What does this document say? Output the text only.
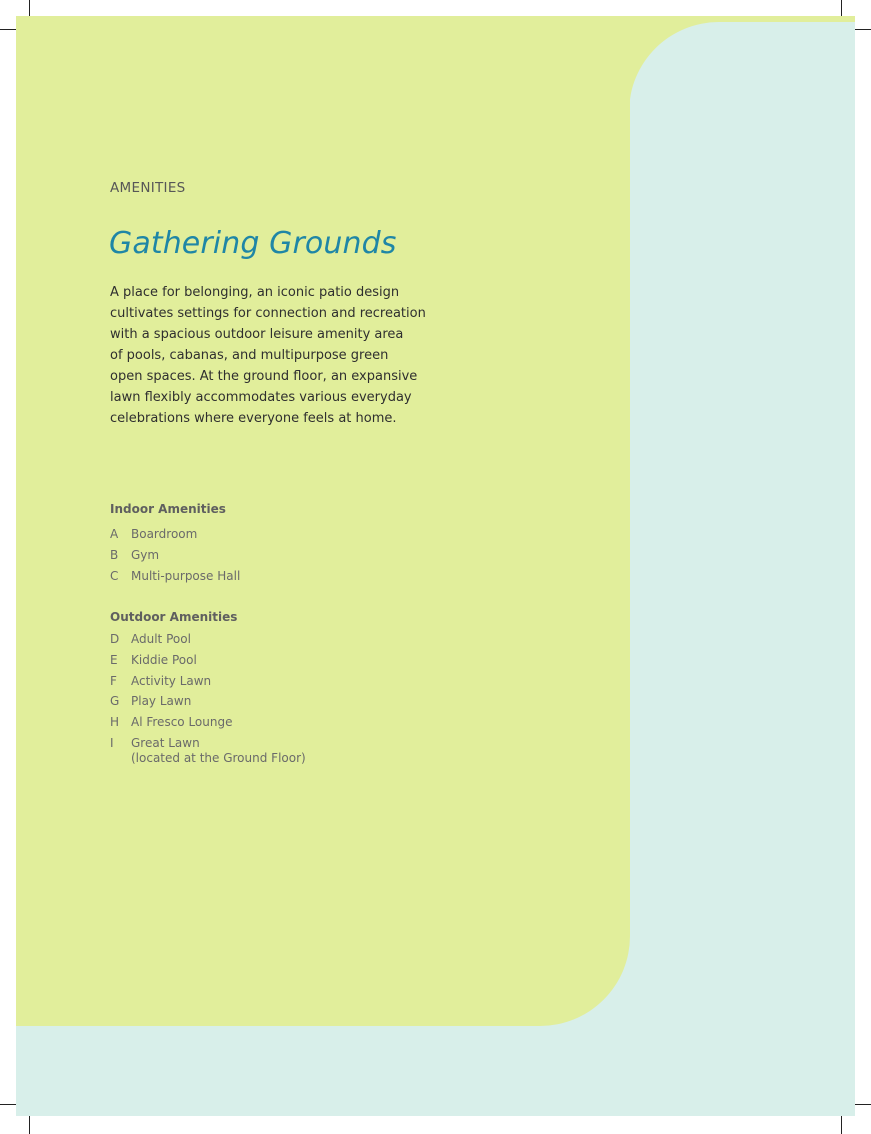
AMENITIES

Gathering Grounds

A place for belonging, an iconic patio design
cultivates settings for connection and recreation
with a spacious outdoor leisure amenity area
of pools, cabanas, and multipurpose green
open spaces. At the ground floor, an expansive
lawn flexibly accommodates various everyday
celebrations where everyone feels at home.

Indoor Amenities
A	Boardroom
B	Gym
C	Multi-purpose Hall
Outdoor Amenities
D Adult Pool
E	Kiddie Pool
F	Activity Lawn
G Play Lawn
H Al Fresco Lounge
I	Great Lawn
(located at the Ground Floor)
